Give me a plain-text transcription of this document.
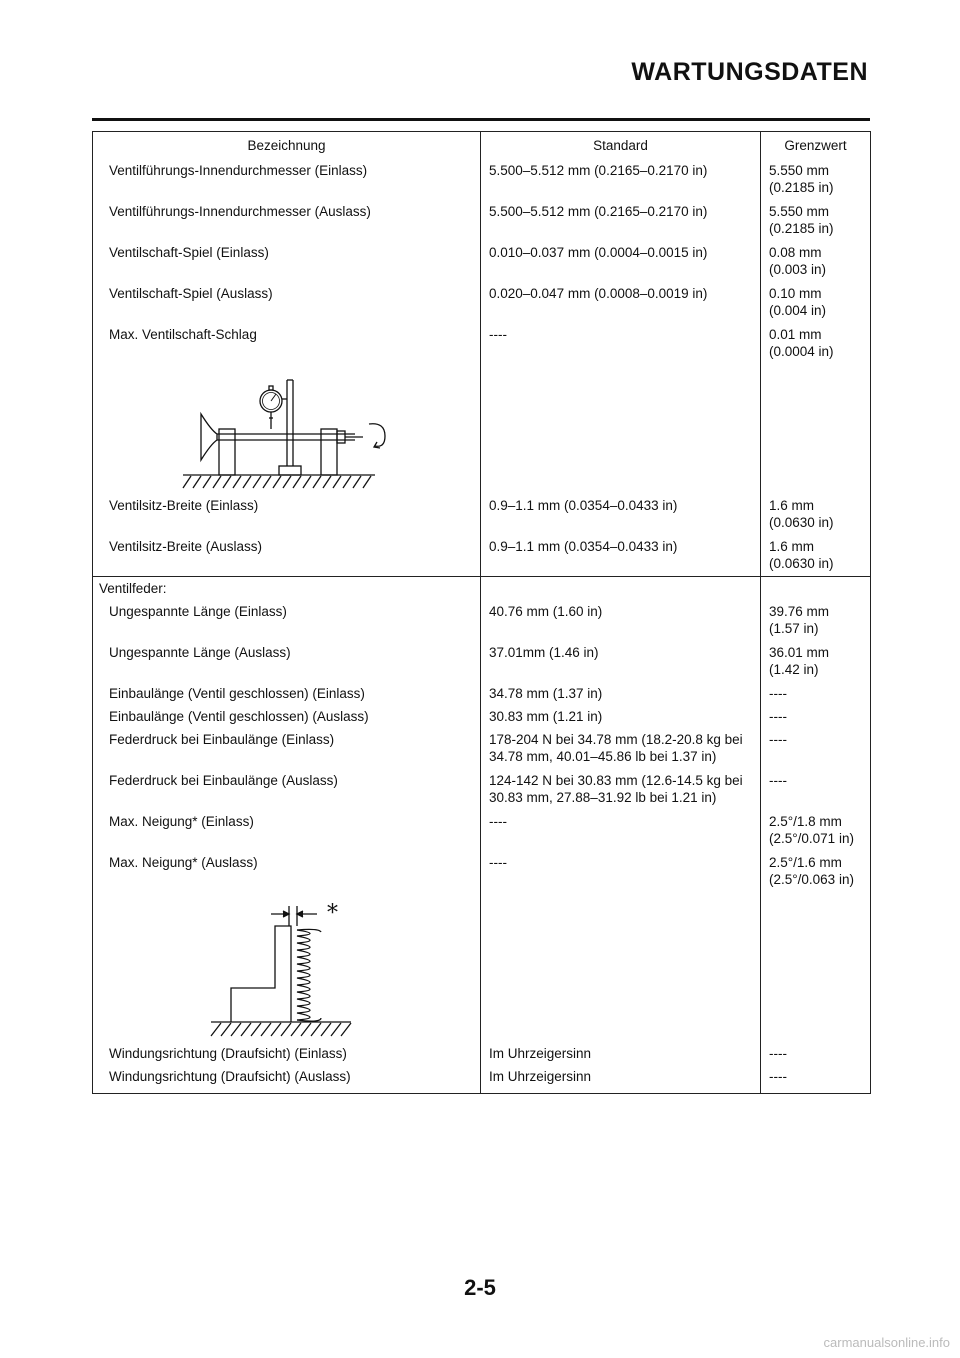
WARTUNGSDATEN
Bezeichnung	Standard	Grenzwert
Ventilführungs-Innendurchmesser (Einlass)	5.500–5.512 mm (0.2165–0.2170 in)	5.550 mm (0.2185 in)
Ventilführungs-Innendurchmesser (Auslass)	5.500–5.512 mm (0.2165–0.2170 in)	5.550 mm (0.2185 in)
Ventilschaft-Spiel (Einlass)	0.010–0.037 mm (0.0004–0.0015 in)	0.08 mm (0.003 in)
Ventilschaft-Spiel (Auslass)	0.020–0.047 mm (0.0008–0.0019 in)	0.10 mm (0.004 in)
Max. Ventilschaft-Schlag	----	0.01 mm (0.0004 in)

Ventilsitz-Breite (Einlass)	0.9–1.1 mm (0.0354–0.0433 in)	1.6 mm (0.0630 in)
Ventilsitz-Breite (Auslass)	0.9–1.1 mm (0.0354–0.0433 in)	1.6 mm (0.0630 in)
Ventilfeder:		
Ungespannte Länge (Einlass)	40.76 mm (1.60 in)	39.76 mm (1.57 in)
Ungespannte Länge (Auslass)	37.01mm (1.46 in)	36.01 mm (1.42 in)
Einbaulänge (Ventil geschlossen) (Einlass)	34.78 mm (1.37 in)	----
Einbaulänge (Ventil geschlossen) (Auslass)	30.83 mm (1.21 in)	----
Federdruck bei Einbaulänge (Einlass)	178-204 N bei 34.78 mm (18.2-20.8 kg bei 34.78 mm, 40.01–45.86 lb bei 1.37 in)	----
Federdruck bei Einbaulänge (Auslass)	124-142 N bei 30.83 mm (12.6-14.5 kg bei 30.83 mm, 27.88–31.92 lb bei 1.21 in)	----
Max. Neigung* (Einlass)	----	2.5°/1.8 mm (2.5°/0.071 in)
Max. Neigung* (Auslass)	----	2.5°/1.6 mm (2.5°/0.063 in)

*		

Windungsrichtung (Draufsicht) (Einlass)	Im Uhrzeigersinn	----
Windungsrichtung (Draufsicht) (Auslass)	Im Uhrzeigersinn	----
2-5
carmanualsonline.info
